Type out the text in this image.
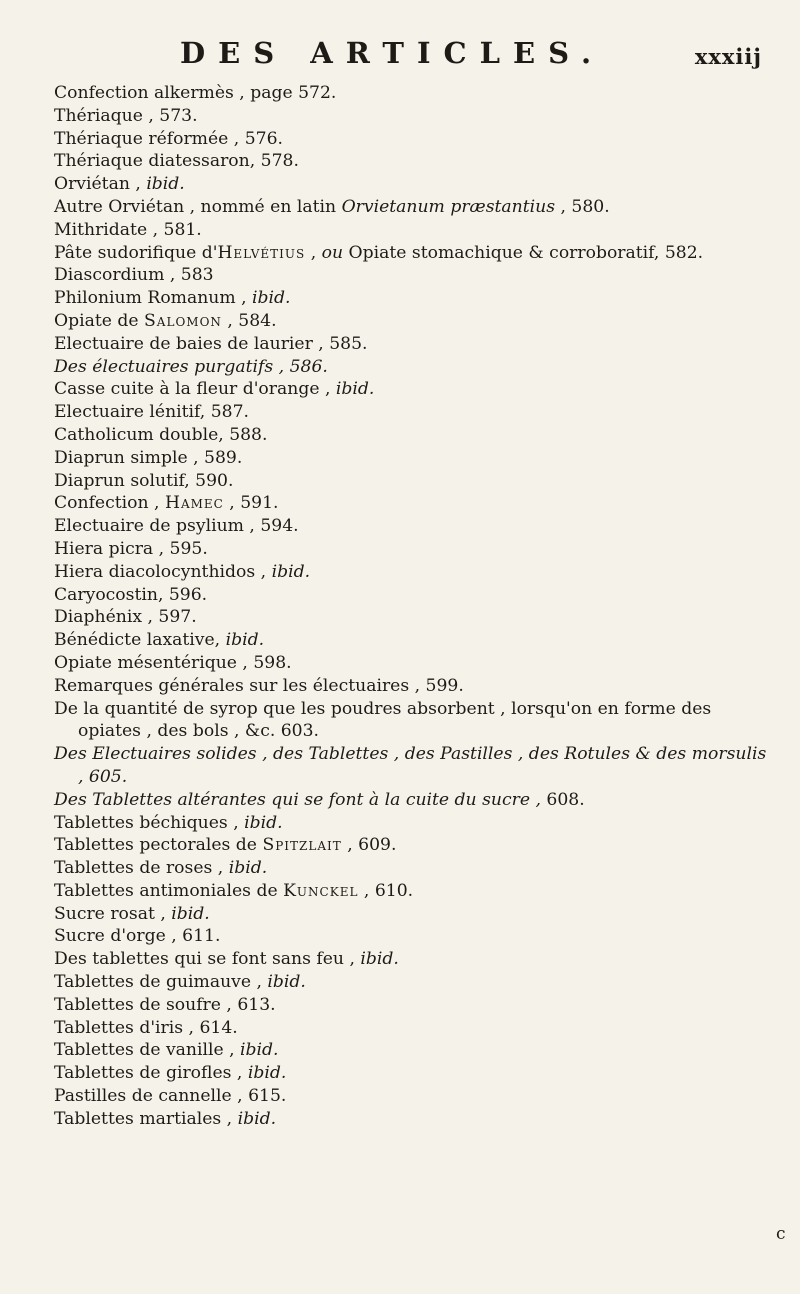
DES ARTICLES.	xxxiij
Confection alkermès , page 572.
Thériaque , 573.
Thériaque réformée , 576.
Thériaque diatessaron, 578.
Orviétan , ibid.
Autre Orviétan , nommé en latin Orvietanum præstantius , 580.
Mithridate , 581.
Pâte sudorifique d'Helvétius , ou Opiate stomachique & corroboratif, 582.
Diascordium , 583
Philonium Romanum , ibid.
Opiate de Salomon , 584.
Electuaire de baies de laurier , 585.
Des électuaires purgatifs , 586.
Casse cuite à la fleur d'orange , ibid.
Electuaire lénitif, 587.
Catholicum double, 588.
Diaprun simple , 589.
Diaprun solutif, 590.
Confection , Hamec , 591.
Electuaire de psylium , 594.
Hiera picra , 595.
Hiera diacolocynthidos , ibid.
Caryocostin, 596.
Diaphénix , 597.
Bénédicte laxative, ibid.
Opiate mésentérique , 598.
Remarques générales sur les électuaires , 599.
De la quantité de syrop que les poudres absorbent , lorsqu'on en forme des opiates , des bols , &c. 603.
Des Electuaires solides , des Tablettes , des Pastilles , des Rotules & des morsulis , 605.
Des Tablettes altérantes qui se font à la cuite du sucre , 608.
Tablettes béchiques , ibid.
Tablettes pectorales de Spitzlait , 609.
Tablettes de roses , ibid.
Tablettes antimoniales de Kunckel , 610.
Sucre rosat , ibid.
Sucre d'orge , 611.
Des tablettes qui se font sans feu , ibid.
Tablettes de guimauve , ibid.
Tablettes de soufre , 613.
Tablettes d'iris , 614.
Tablettes de vanille , ibid.
Tablettes de girofles , ibid.
Pastilles de cannelle , 615.
Tablettes martiales , ibid.
c
